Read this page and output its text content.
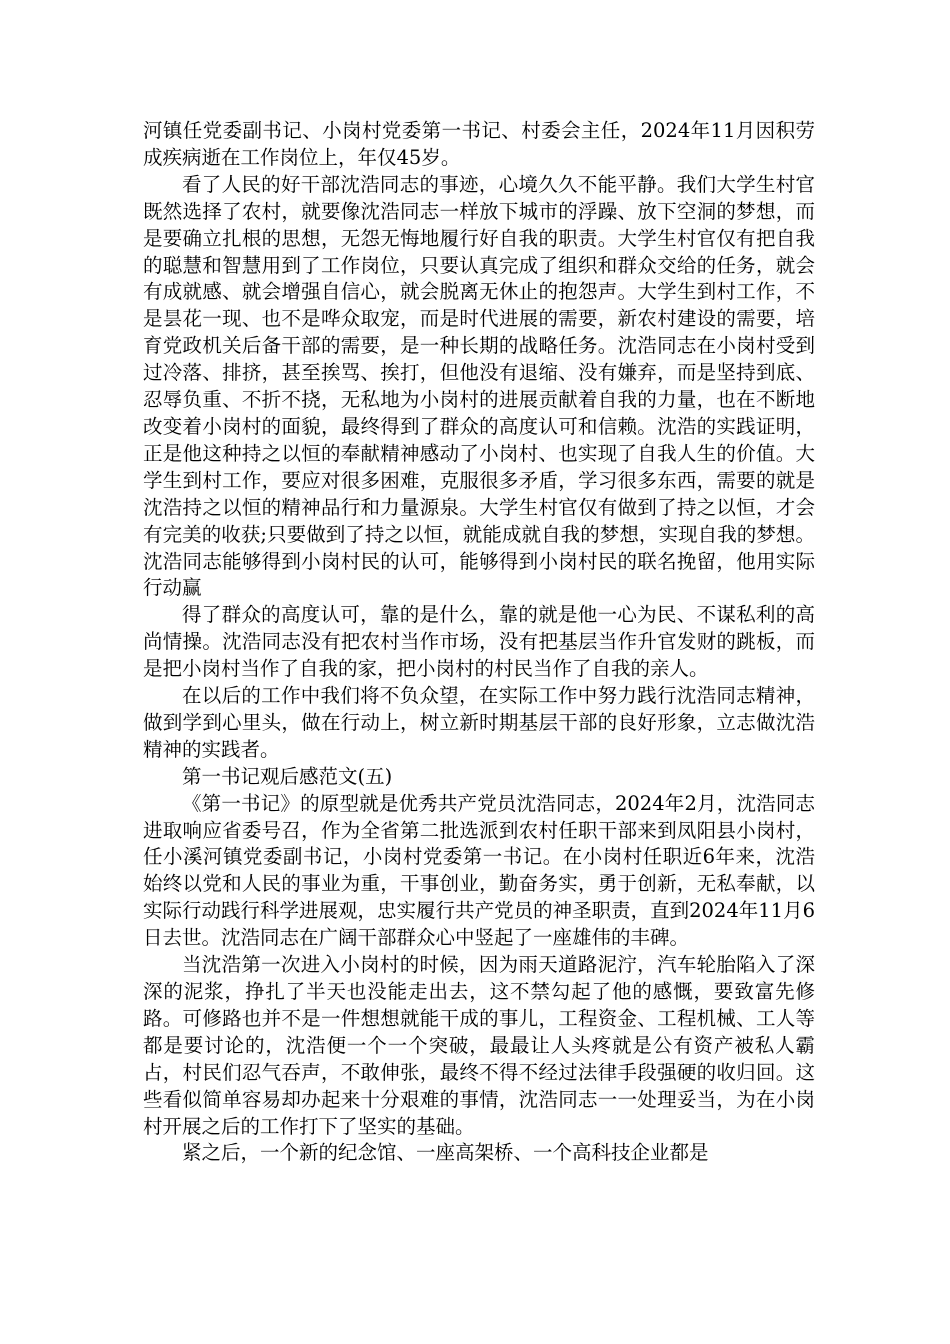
河镇任党委副书记、小岗村党委第一书记、村委会主任，2024年11月因积劳成疾病逝在工作岗位上，年仅45岁。

看了人民的好干部沈浩同志的事迹，心境久久不能平静。我们大学生村官既然选择了农村，就要像沈浩同志一样放下城市的浮躁、放下空洞的梦想，而是要确立扎根的思想，无怨无悔地履行好自我的职责。大学生村官仅有把自我的聪慧和智慧用到了工作岗位，只要认真完成了组织和群众交给的任务，就会有成就感、就会增强自信心，就会脱离无休止的抱怨声。大学生到村工作，不是昙花一现、也不是哗众取宠，而是时代进展的需要，新农村建设的需要，培育党政机关后备干部的需要，是一种长期的战略任务。沈浩同志在小岗村受到过冷落、排挤，甚至挨骂、挨打，但他没有退缩、没有嫌弃，而是坚持到底、忍辱负重、不折不挠，无私地为小岗村的进展贡献着自我的力量，也在不断地改变着小岗村的面貌，最终得到了群众的高度认可和信赖。沈浩的实践证明，正是他这种持之以恒的奉献精神感动了小岗村、也实现了自我人生的价值。大学生到村工作，要应对很多困难，克服很多矛盾，学习很多东西，需要的就是沈浩持之以恒的精神品行和力量源泉。大学生村官仅有做到了持之以恒，才会有完美的收获;只要做到了持之以恒，就能成就自我的梦想，实现自我的梦想。沈浩同志能够得到小岗村民的认可，能够得到小岗村民的联名挽留，他用实际行动赢

得了群众的高度认可，靠的是什么，靠的就是他一心为民、不谋私利的高尚情操。沈浩同志没有把农村当作市场，没有把基层当作升官发财的跳板，而是把小岗村当作了自我的家，把小岗村的村民当作了自我的亲人。

在以后的工作中我们将不负众望，在实际工作中努力践行沈浩同志精神，做到学到心里头，做在行动上，树立新时期基层干部的良好形象，立志做沈浩精神的实践者。

第一书记观后感范文(五)

《第一书记》的原型就是优秀共产党员沈浩同志，2024年2月，沈浩同志进取响应省委号召，作为全省第二批选派到农村任职干部来到凤阳县小岗村，任小溪河镇党委副书记，小岗村党委第一书记。在小岗村任职近6年来，沈浩始终以党和人民的事业为重，干事创业，勤奋务实，勇于创新，无私奉献，以实际行动践行科学进展观，忠实履行共产党员的神圣职责，直到2024年11月6日去世。沈浩同志在广阔干部群众心中竖起了一座雄伟的丰碑。

当沈浩第一次进入小岗村的时候，因为雨天道路泥泞，汽车轮胎陷入了深深的泥浆，挣扎了半天也没能走出去，这不禁勾起了他的感慨，要致富先修路。可修路也并不是一件想想就能干成的事儿，工程资金、工程机械、工人等都是要讨论的，沈浩便一个一个突破，最最让人头疼就是公有资产被私人霸占，村民们忍气吞声，不敢伸张，最终不得不经过法律手段强硬的收归回。这些看似简单容易却办起来十分艰难的事情，沈浩同志一一处理妥当，为在小岗村开展之后的工作打下了坚实的基础。

紧之后，一个新的纪念馆、一座高架桥、一个高科技企业都是
